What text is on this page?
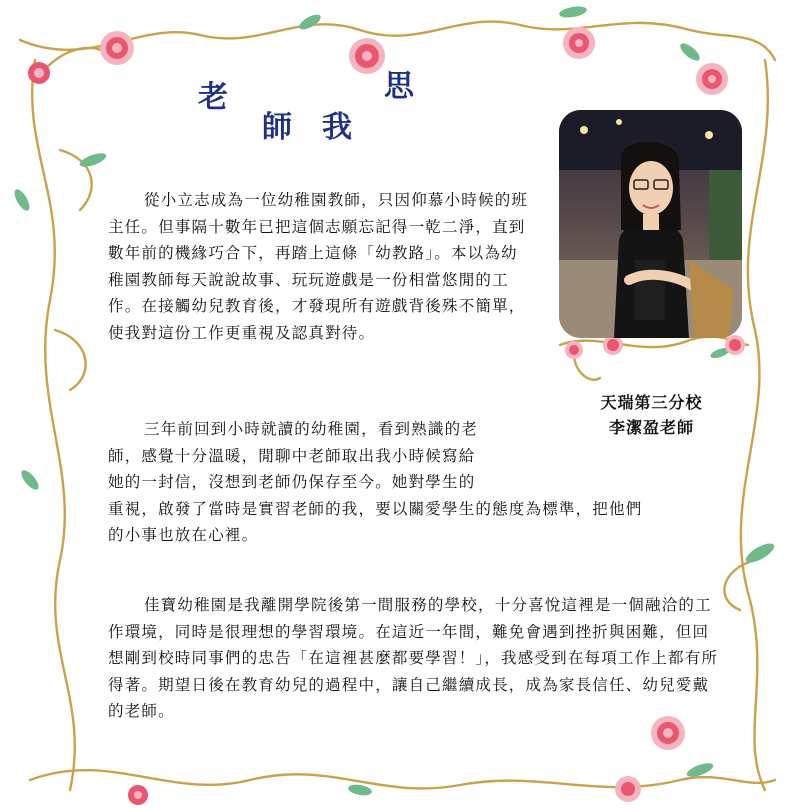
老
師 我
思

從小立志成為一位幼稚園教師，只因仰慕小時候的班主任。但事隔十數年已把這個志願忘記得一乾二淨，直到數年前的機緣巧合下，再踏上這條「幼教路」。本以為幼稚園教師每天說說故事、玩玩遊戲是一份相當悠閒的工作。在接觸幼兒教育後，才發現所有遊戲背後殊不簡單，使我對這份工作更重視及認真對待。

三年前回到小時就讀的幼稚園，看到熟識的老
師，感覺十分溫暖，閒聊中老師取出我小時候寫給
她的一封信，沒想到老師仍保存至今。她對學生的
重視，啟發了當時是實習老師的我，要以關愛學生的態度為標準，把他們
的小事也放在心裡。

佳寶幼稚園是我離開學院後第一間服務的學校，十分喜悅這裡是一個融洽的工作環境，同時是很理想的學習環境。在這近一年間，難免會遇到挫折與困難，但回想剛到校時同事們的忠告「在這裡甚麼都要學習！」，我感受到在每項工作上都有所得著。期望日後在教育幼兒的過程中，讓自己繼續成長，成為家長信任、幼兒愛戴的老師。

天瑞第三分校
李潔盈老師
